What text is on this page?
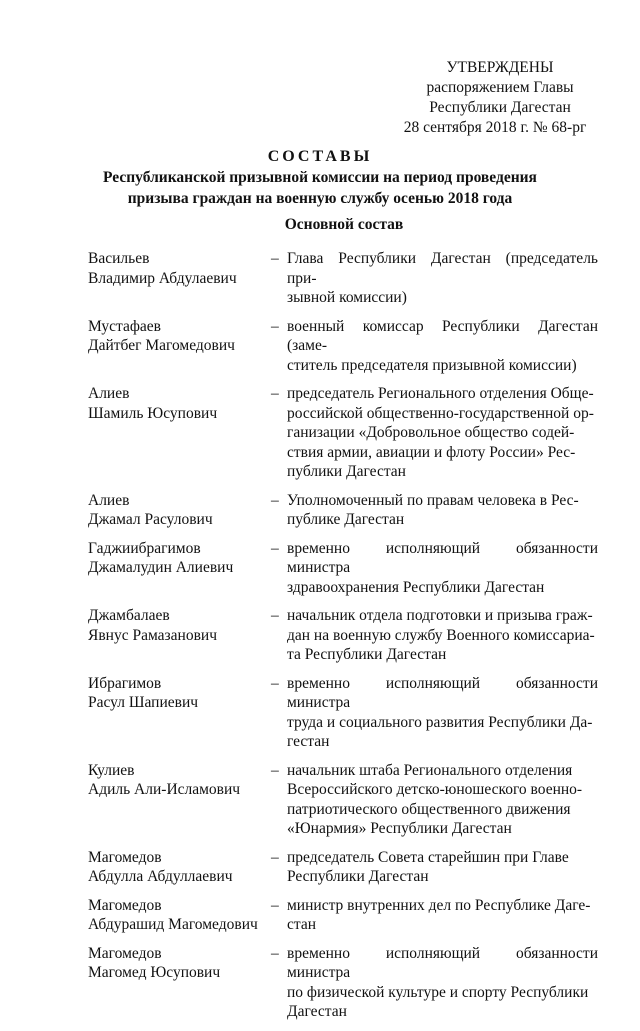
УТВЕРЖДЕНЫ
распоряжением Главы
Республики Дагестан
28 сентября 2018 г. № 68-рг
СОСТАВЫ
Республиканской призывной комиссии на период проведения
призыва граждан на военную службу осенью 2018 года
Основной состав
Васильев
Владимир Абдулаевич
– Глава Республики Дагестан (председатель при-
зывной комиссии)
Мустафаев
Дайтбег Магомедович
– военный комиссар Республики Дагестан (заме-
ститель председателя призывной комиссии)
Алиев
Шамиль Юсупович
– председатель Регионального отделения Обще-
российской общественно-государственной ор-
ганизации «Добровольное общество содей-
ствия армии, авиации и флоту России» Рес-
публики Дагестан
Алиев
Джамал Расулович
– Уполномоченный по правам человека в Рес-
публике Дагестан
Гаджиибрагимов
Джамалудин Алиевич
– временно исполняющий обязанности министра
здравоохранения Республики Дагестан
Джамбалаев
Явнус Рамазанович
– начальник отдела подготовки и призыва граж-
дан на военную службу Военного комиссариа-
та Республики Дагестан
Ибрагимов
Расул Шапиевич
– временно исполняющий обязанности министра
труда и социального развития Республики Да-
гестан
Кулиев
Адиль Али-Исламович
– начальник штаба Регионального отделения
Всероссийского детско-юношеского военно-
патриотического общественного движения
«Юнармия» Республики Дагестан
Магомедов
Абдулла Абдуллаевич
– председатель Совета старейшин при Главе
Республики Дагестан
Магомедов
Абдурашид Магомедович
– министр внутренних дел по Республике Даге-
стан
Магомедов
Магомед Юсупович
– временно исполняющий обязанности министра
по физической культуре и спорту Республики
Дагестан
